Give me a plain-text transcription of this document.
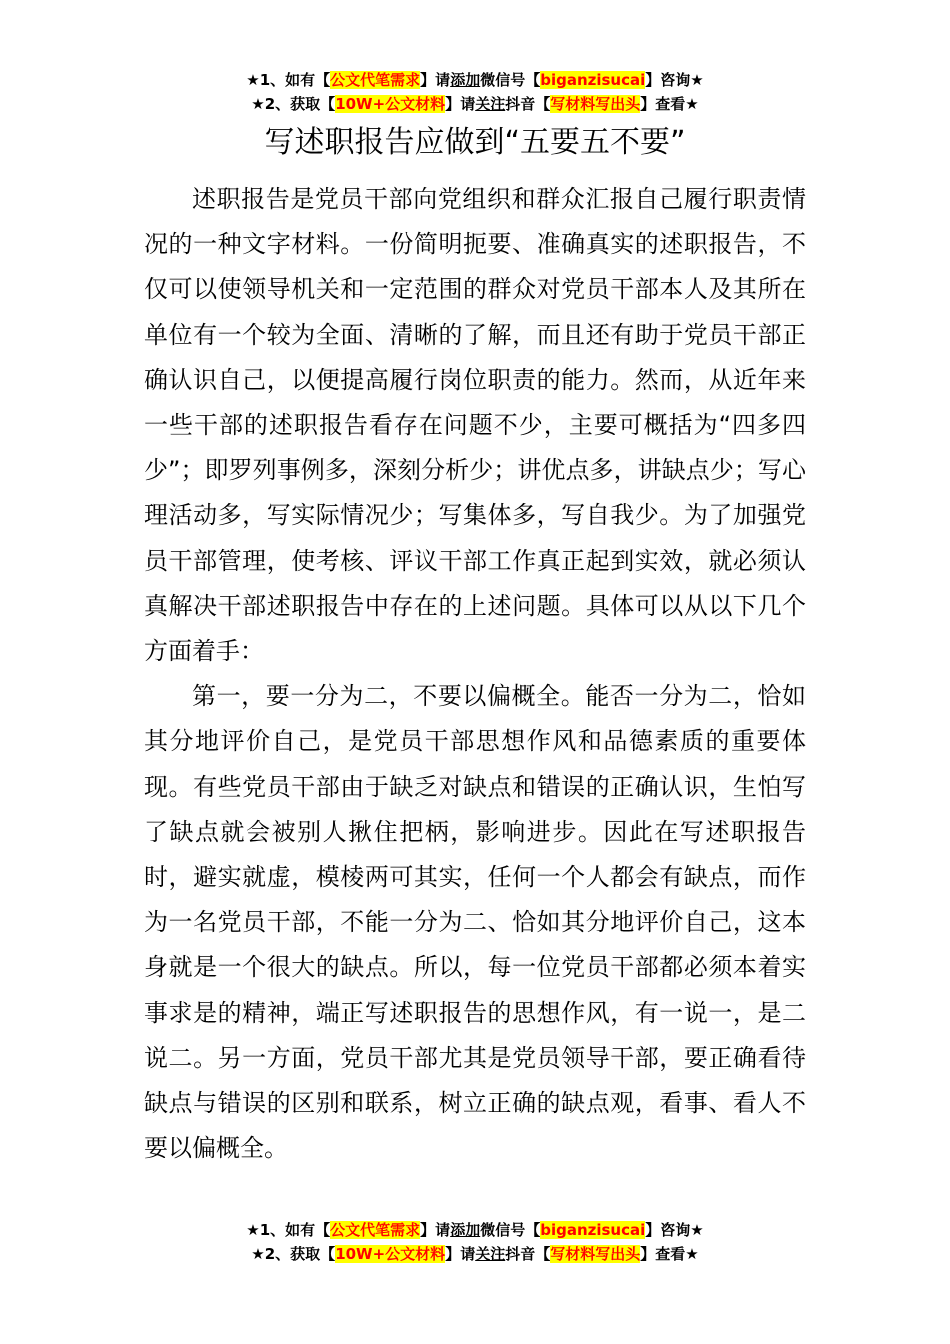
★1、如有【公文代笔需求】请添加微信号【biganzisucai】咨询★
★2、获取【10W+公文材料】请关注抖音【写材料写出头】查看★
写述职报告应做到“五要五不要”

述职报告是党员干部向党组织和群众汇报自己履行职责情况的一种文字材料。一份简明扼要、准确真实的述职报告，不仅可以使领导机关和一定范围的群众对党员干部本人及其所在单位有一个较为全面、清晰的了解，而且还有助于党员干部正确认识自己，以便提高履行岗位职责的能力。然而，从近年来一些干部的述职报告看存在问题不少，主要可概括为“四多四少”；即罗列事例多，深刻分析少；讲优点多，讲缺点少；写心理活动多，写实际情况少；写集体多，写自我少。为了加强党员干部管理，使考核、评议干部工作真正起到实效，就必须认真解决干部述职报告中存在的上述问题。具体可以从以下几个方面着手：

第一，要一分为二，不要以偏概全。能否一分为二，恰如其分地评价自己，是党员干部思想作风和品德素质的重要体现。有些党员干部由于缺乏对缺点和错误的正确认识，生怕写了缺点就会被别人揪住把柄，影响进步。因此在写述职报告时，避实就虚，模棱两可其实，任何一个人都会有缺点，而作为一名党员干部，不能一分为二、恰如其分地评价自己，这本身就是一个很大的缺点。所以，每一位党员干部都必须本着实事求是的精神，端正写述职报告的思想作风，有一说一，是二说二。另一方面，党员干部尤其是党员领导干部，要正确看待缺点与错误的区别和联系，树立正确的缺点观，看事、看人不要以偏概全。

★1、如有【公文代笔需求】请添加微信号【biganzisucai】咨询★
★2、获取【10W+公文材料】请关注抖音【写材料写出头】查看★
